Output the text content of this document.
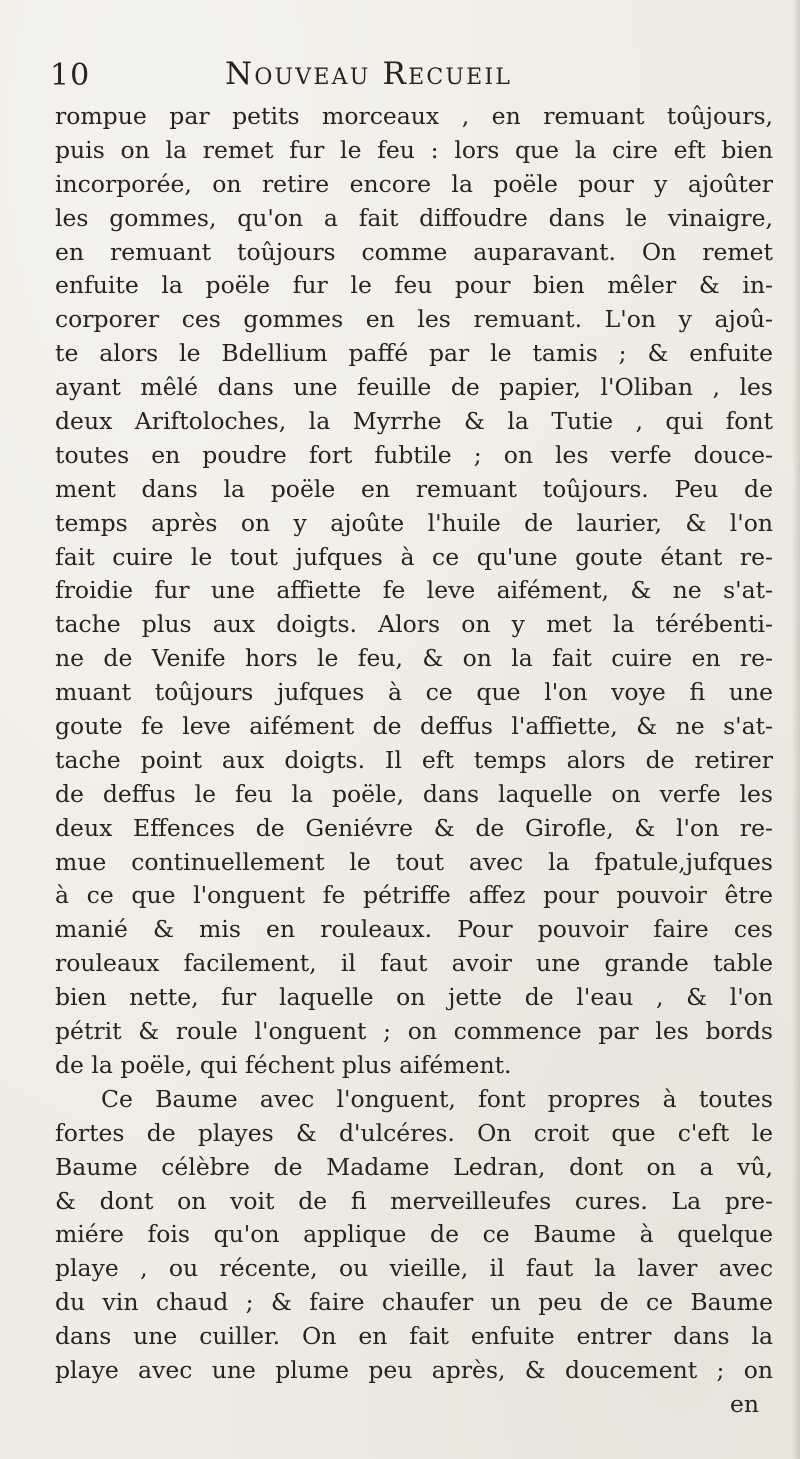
10	Nouveau Recueil
rompue par petits morceaux , en remuant toûjours,
puis on la remet fur le feu : lors que la cire eft bien
incorporée, on retire encore la poële pour y ajoûter
les gommes, qu'on a fait diffoudre dans le vinaigre,
en remuant toûjours comme auparavant. On remet
enfuite la poële fur le feu pour bien mêler & in-
corporer ces gommes en les remuant. L'on y ajoû-
te alors le Bdellium paffé par le tamis ; & enfuite
ayant mêlé dans une feuille de papier, l'Oliban , les
deux Ariftoloches, la Myrrhe & la Tutie , qui font
toutes en poudre fort fubtile ; on les verfe douce-
ment dans la poële en remuant toûjours. Peu de
temps après on y ajoûte l'huile de laurier, & l'on
fait cuire le tout jufques à ce qu'une goute étant re-
froidie fur une affiette fe leve aifément, & ne s'at-
tache plus aux doigts. Alors on y met la térébenti-
ne de Venife hors le feu, & on la fait cuire en re-
muant toûjours jufques à ce que l'on voye fi une
goute fe leve aifément de deffus l'affiette, & ne s'at-
tache point aux doigts. Il eft temps alors de retirer
de deffus le feu la poële, dans laquelle on verfe les
deux Effences de Geniévre & de Girofle, & l'on re-
mue continuellement le tout avec la fpatule,jufques
à ce que l'onguent fe pétriffe affez pour pouvoir être
manié & mis en rouleaux. Pour pouvoir faire ces
rouleaux facilement, il faut avoir une grande table
bien nette, fur laquelle on jette de l'eau , & l'on
pétrit & roule l'onguent ; on commence par les bords
de la poële, qui féchent plus aifément.
Ce Baume avec l'onguent, font propres à toutes
fortes de playes & d'ulcéres. On croit que c'eft le
Baume célèbre de Madame Ledran, dont on a vû,
& dont on voit de fi merveilleufes cures. La pre-
miére fois qu'on applique de ce Baume à quelque
playe , ou récente, ou vieille, il faut la laver avec
du vin chaud ; & faire chaufer un peu de ce Baume
dans une cuiller. On en fait enfuite entrer dans la
playe avec une plume peu après, & doucement ; on
en
